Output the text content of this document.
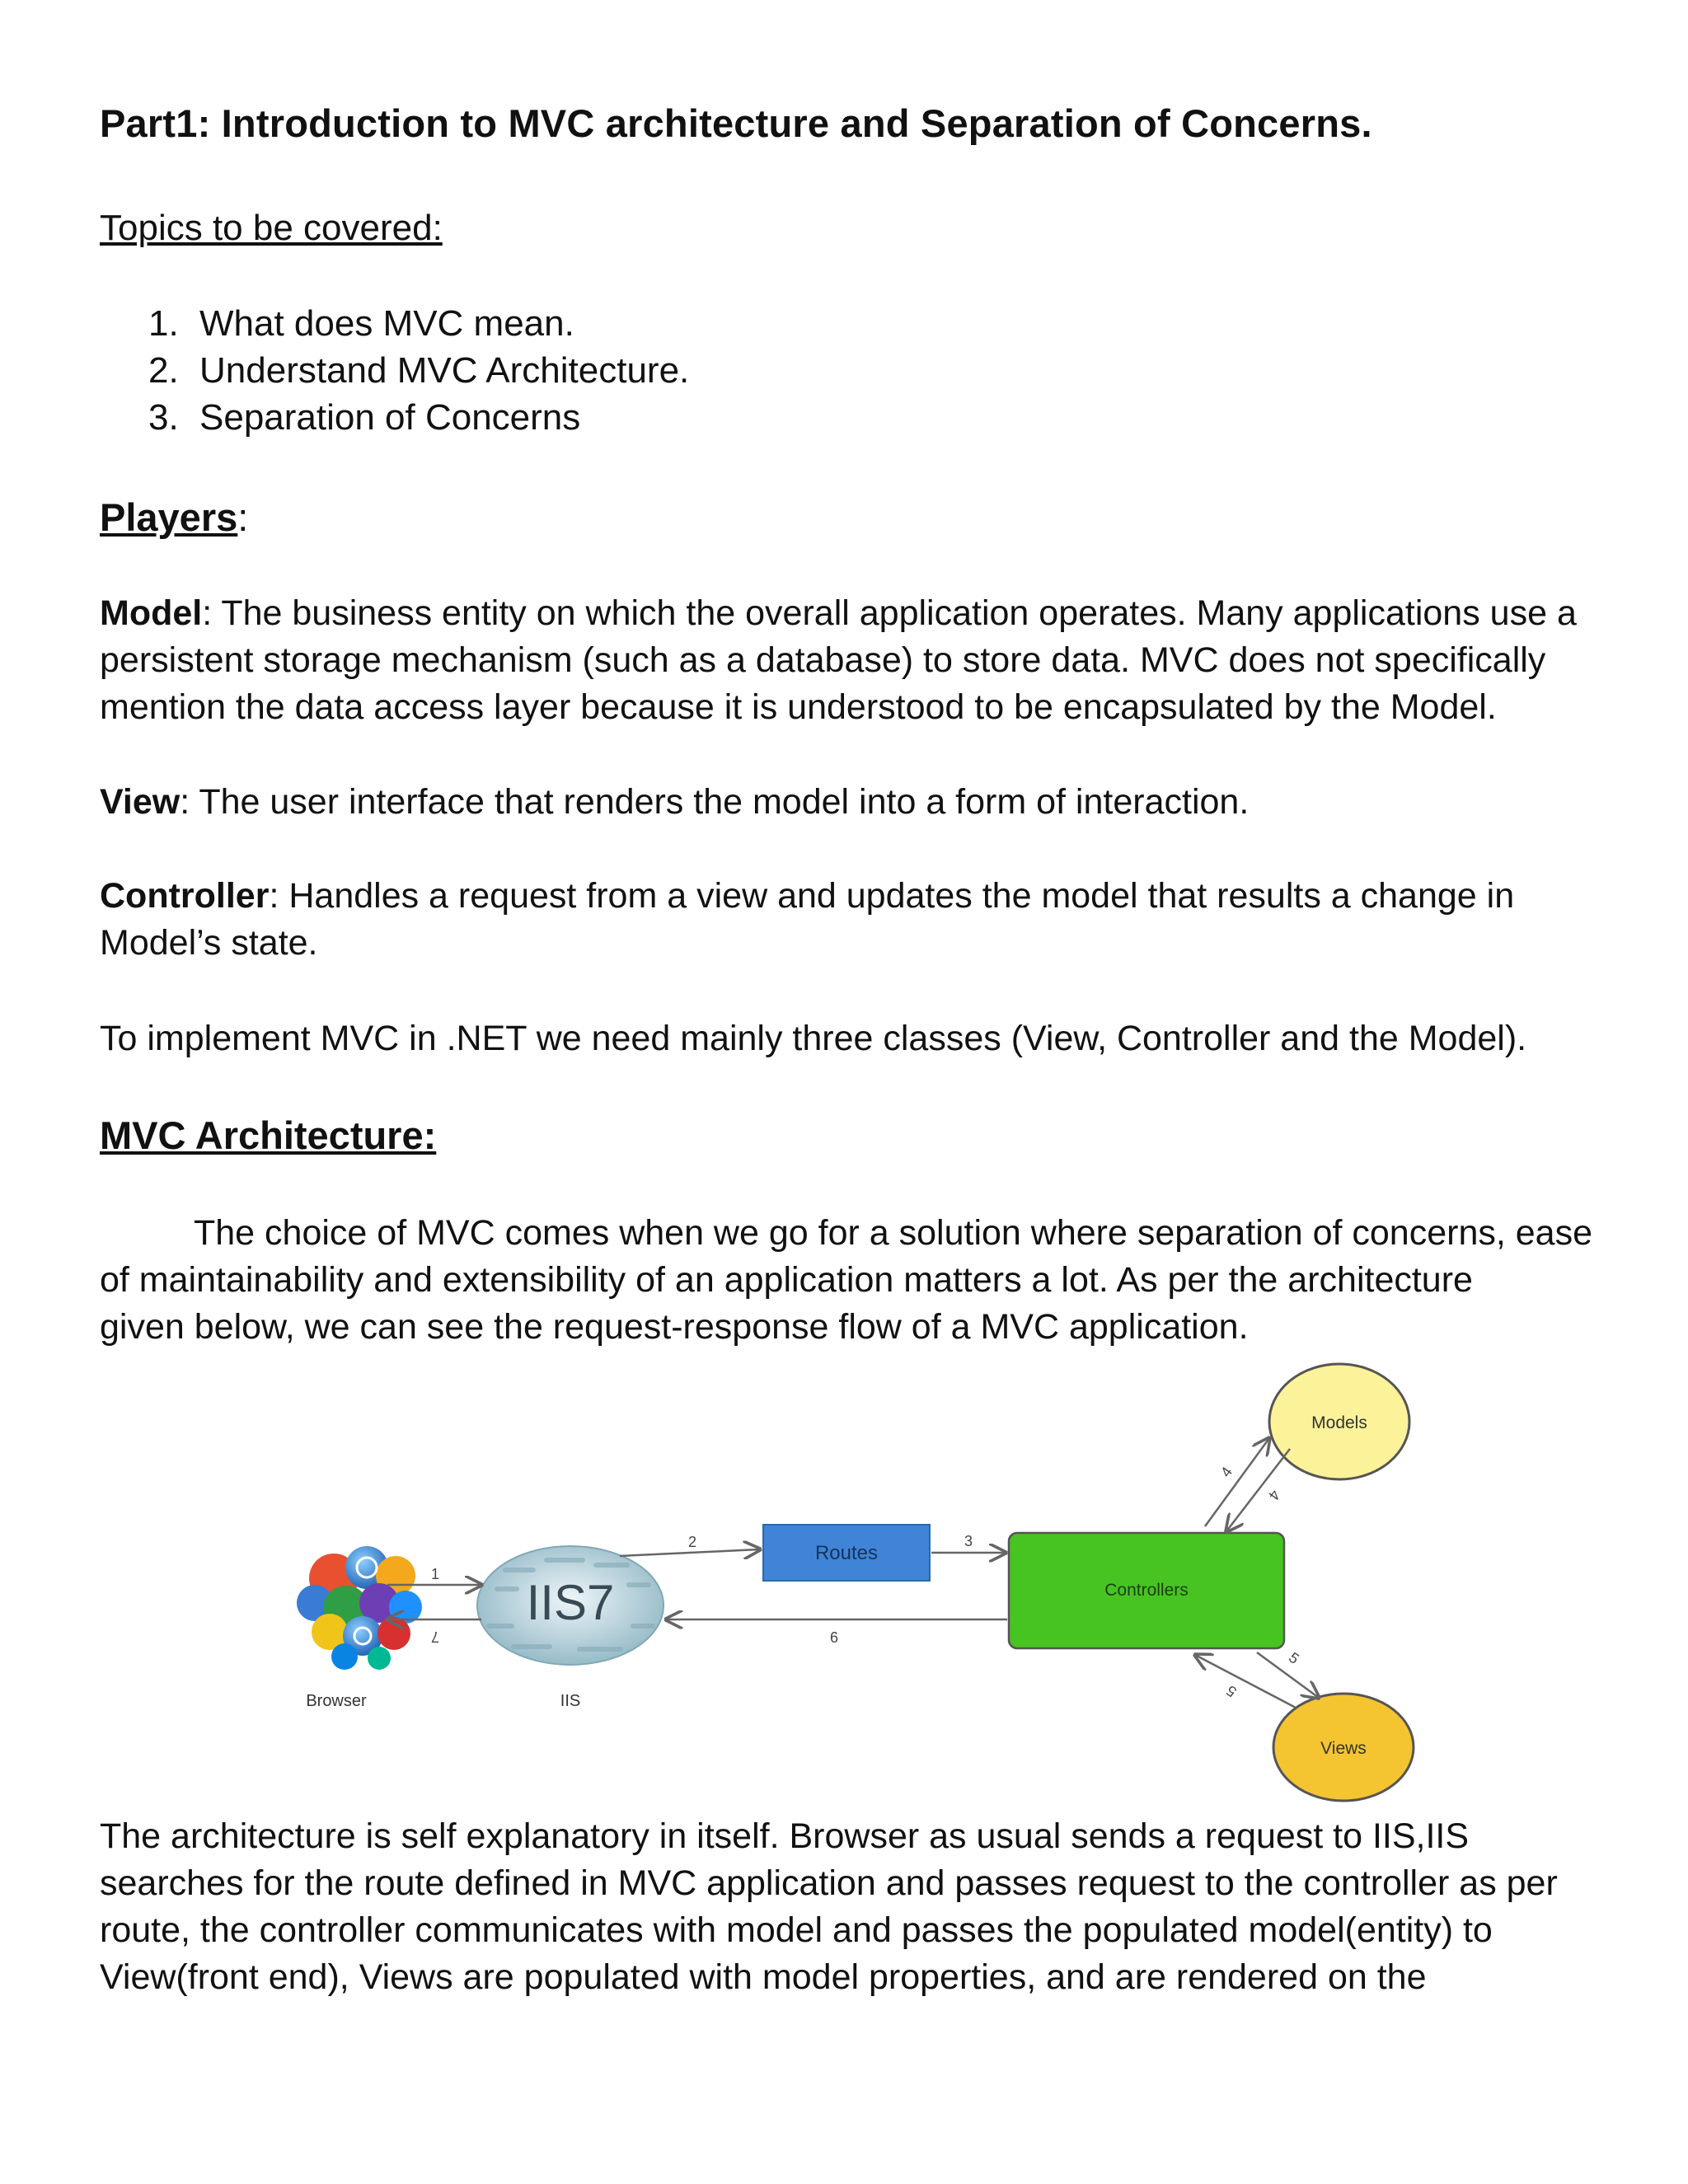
Part1: Introduction to MVC architecture and Separation of Concerns.
Topics to be covered:
1. What does MVC mean.
2. Understand MVC Architecture.
3. Separation of Concerns
Players:

Model: The business entity on which the overall application operates. Many applications use a
persistent storage mechanism (such as a database) to store data. MVC does not specifically
mention the data access layer because it is understood to be encapsulated by the Model.

View: The user interface that renders the model into a form of interaction.

Controller: Handles a request from a view and updates the model that results a change in
Model’s state.

To implement MVC in .NET we need mainly three classes (View, Controller and the Model).

MVC Architecture:

The choice of MVC comes when we go for a solution where separation of concerns, ease
of maintainability and extensibility of an application matters a lot. As per the architecture
given below, we can see the request-response flow of a MVC application.

Browser
IIS7
IIS
Routes
Controllers
Models
Views
1
7
2	3
6
4
4
5
5

The architecture is self explanatory in itself. Browser as usual sends a request to IIS,IIS
searches for the route defined in MVC application and passes request to the controller as per
route, the controller communicates with model and passes the populated model(entity) to
View(front end), Views are populated with model properties, and are rendered on the
